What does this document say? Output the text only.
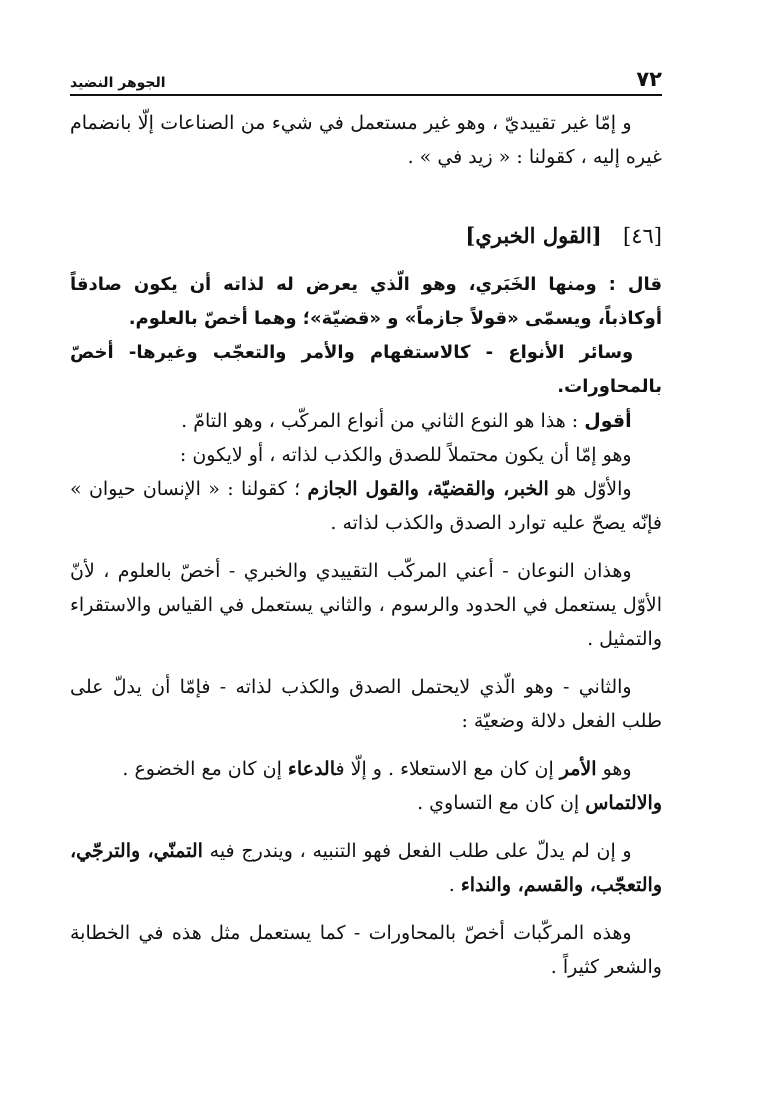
٧٢
الجوهر النضيد

و إمّا غير تقييديّ ، وهو غير مستعمل في شيء من الصناعات إلّا بانضمام غيره إليه ، كقولنا : « زيد في » .

[٤٦] [القول الخبري]

قال : ومنها الخَبَري، وهو الّذي يعرض له لذاته أن يكون صادقاً أوكاذباً، ويسمّى «قولاً جازماً» و «قضيّة»؛ وهما أخصّ بالعلوم.

وسائر الأنواع - كالاستفهام والأمر والتعجّب وغيرها- أخصّ بالمحاورات.

أقول : هذا هو النوع الثاني من أنواع المركّب ، وهو التامّ .

وهو إمّا أن يكون محتملاً للصدق والكذب لذاته ، أو لايكون :

والأوّل هو الخبر، والقضيّة، والقول الجازم ؛ كقولنا : « الإنسان حيوان » فإنّه يصحّ عليه توارد الصدق والكذب لذاته .

وهذان النوعان - أعني المركّب التقييدي والخبري - أخصّ بالعلوم ، لأنّ الأوّل يستعمل في الحدود والرسوم ، والثاني يستعمل في القياس والاستقراء والتمثيل .

والثاني - وهو الّذي لايحتمل الصدق والكذب لذاته - فإمّا أن يدلّ على طلب الفعل دلالة وضعيّة :

وهو الأمر إن كان مع الاستعلاء . و إلّا فالدعاء إن كان مع الخضوع .

والالتماس إن كان مع التساوي .

و إن لم يدلّ على طلب الفعل فهو التنبيه ، ويندرج فيه التمنّي، والترجّي، والتعجّب، والقسم، والنداء .

وهذه المركّبات أخصّ بالمحاورات - كما يستعمل مثل هذه في الخطابة والشعر كثيراً .
